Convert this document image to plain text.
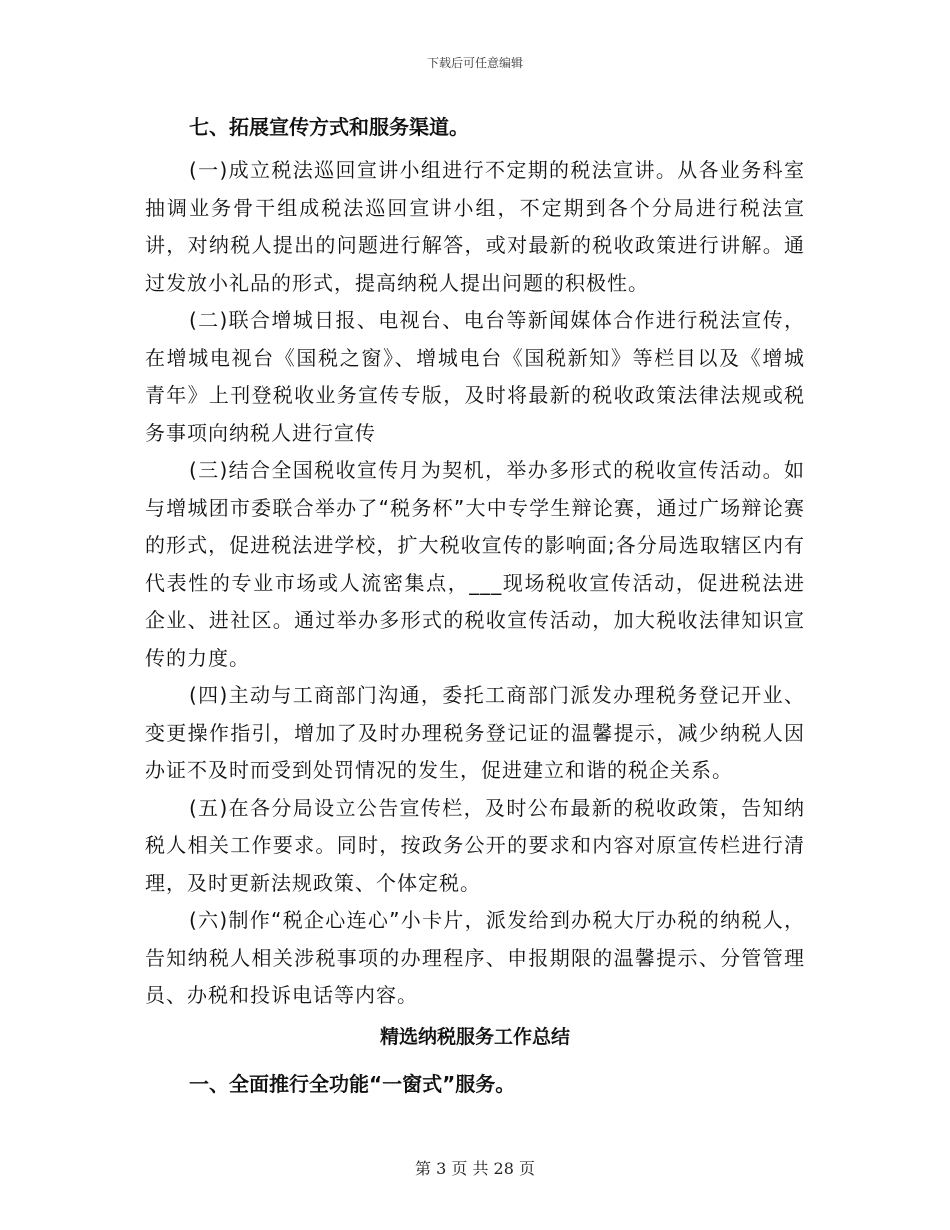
下载后可任意编辑
七、拓展宣传方式和服务渠道。

(一)成立税法巡回宣讲小组进行不定期的税法宣讲。从各业务科室抽调业务骨干组成税法巡回宣讲小组，不定期到各个分局进行税法宣讲，对纳税人提出的问题进行解答，或对最新的税收政策进行讲解。通过发放小礼品的形式，提高纳税人提出问题的积极性。

(二)联合增城日报、电视台、电台等新闻媒体合作进行税法宣传，在增城电视台《国税之窗》、增城电台《国税新知》等栏目以及《增城青年》上刊登税收业务宣传专版，及时将最新的税收政策法律法规或税务事项向纳税人进行宣传

(三)结合全国税收宣传月为契机，举办多形式的税收宣传活动。如与增城团市委联合举办了“税务杯”大中专学生辩论赛，通过广场辩论赛的形式，促进税法进学校，扩大税收宣传的影响面;各分局选取辖区内有代表性的专业市场或人流密集点，___现场税收宣传活动，促进税法进企业、进社区。通过举办多形式的税收宣传活动，加大税收法律知识宣传的力度。

(四)主动与工商部门沟通，委托工商部门派发办理税务登记开业、变更操作指引，增加了及时办理税务登记证的温馨提示，减少纳税人因办证不及时而受到处罚情况的发生，促进建立和谐的税企关系。

(五)在各分局设立公告宣传栏，及时公布最新的税收政策，告知纳税人相关工作要求。同时，按政务公开的要求和内容对原宣传栏进行清理，及时更新法规政策、个体定税。

(六)制作“税企心连心”小卡片，派发给到办税大厅办税的纳税人，告知纳税人相关涉税事项的办理程序、申报期限的温馨提示、分管管理员、办税和投诉电话等内容。

精选纳税服务工作总结
一、全面推行全功能“一窗式”服务。
第 3 页 共 28 页
